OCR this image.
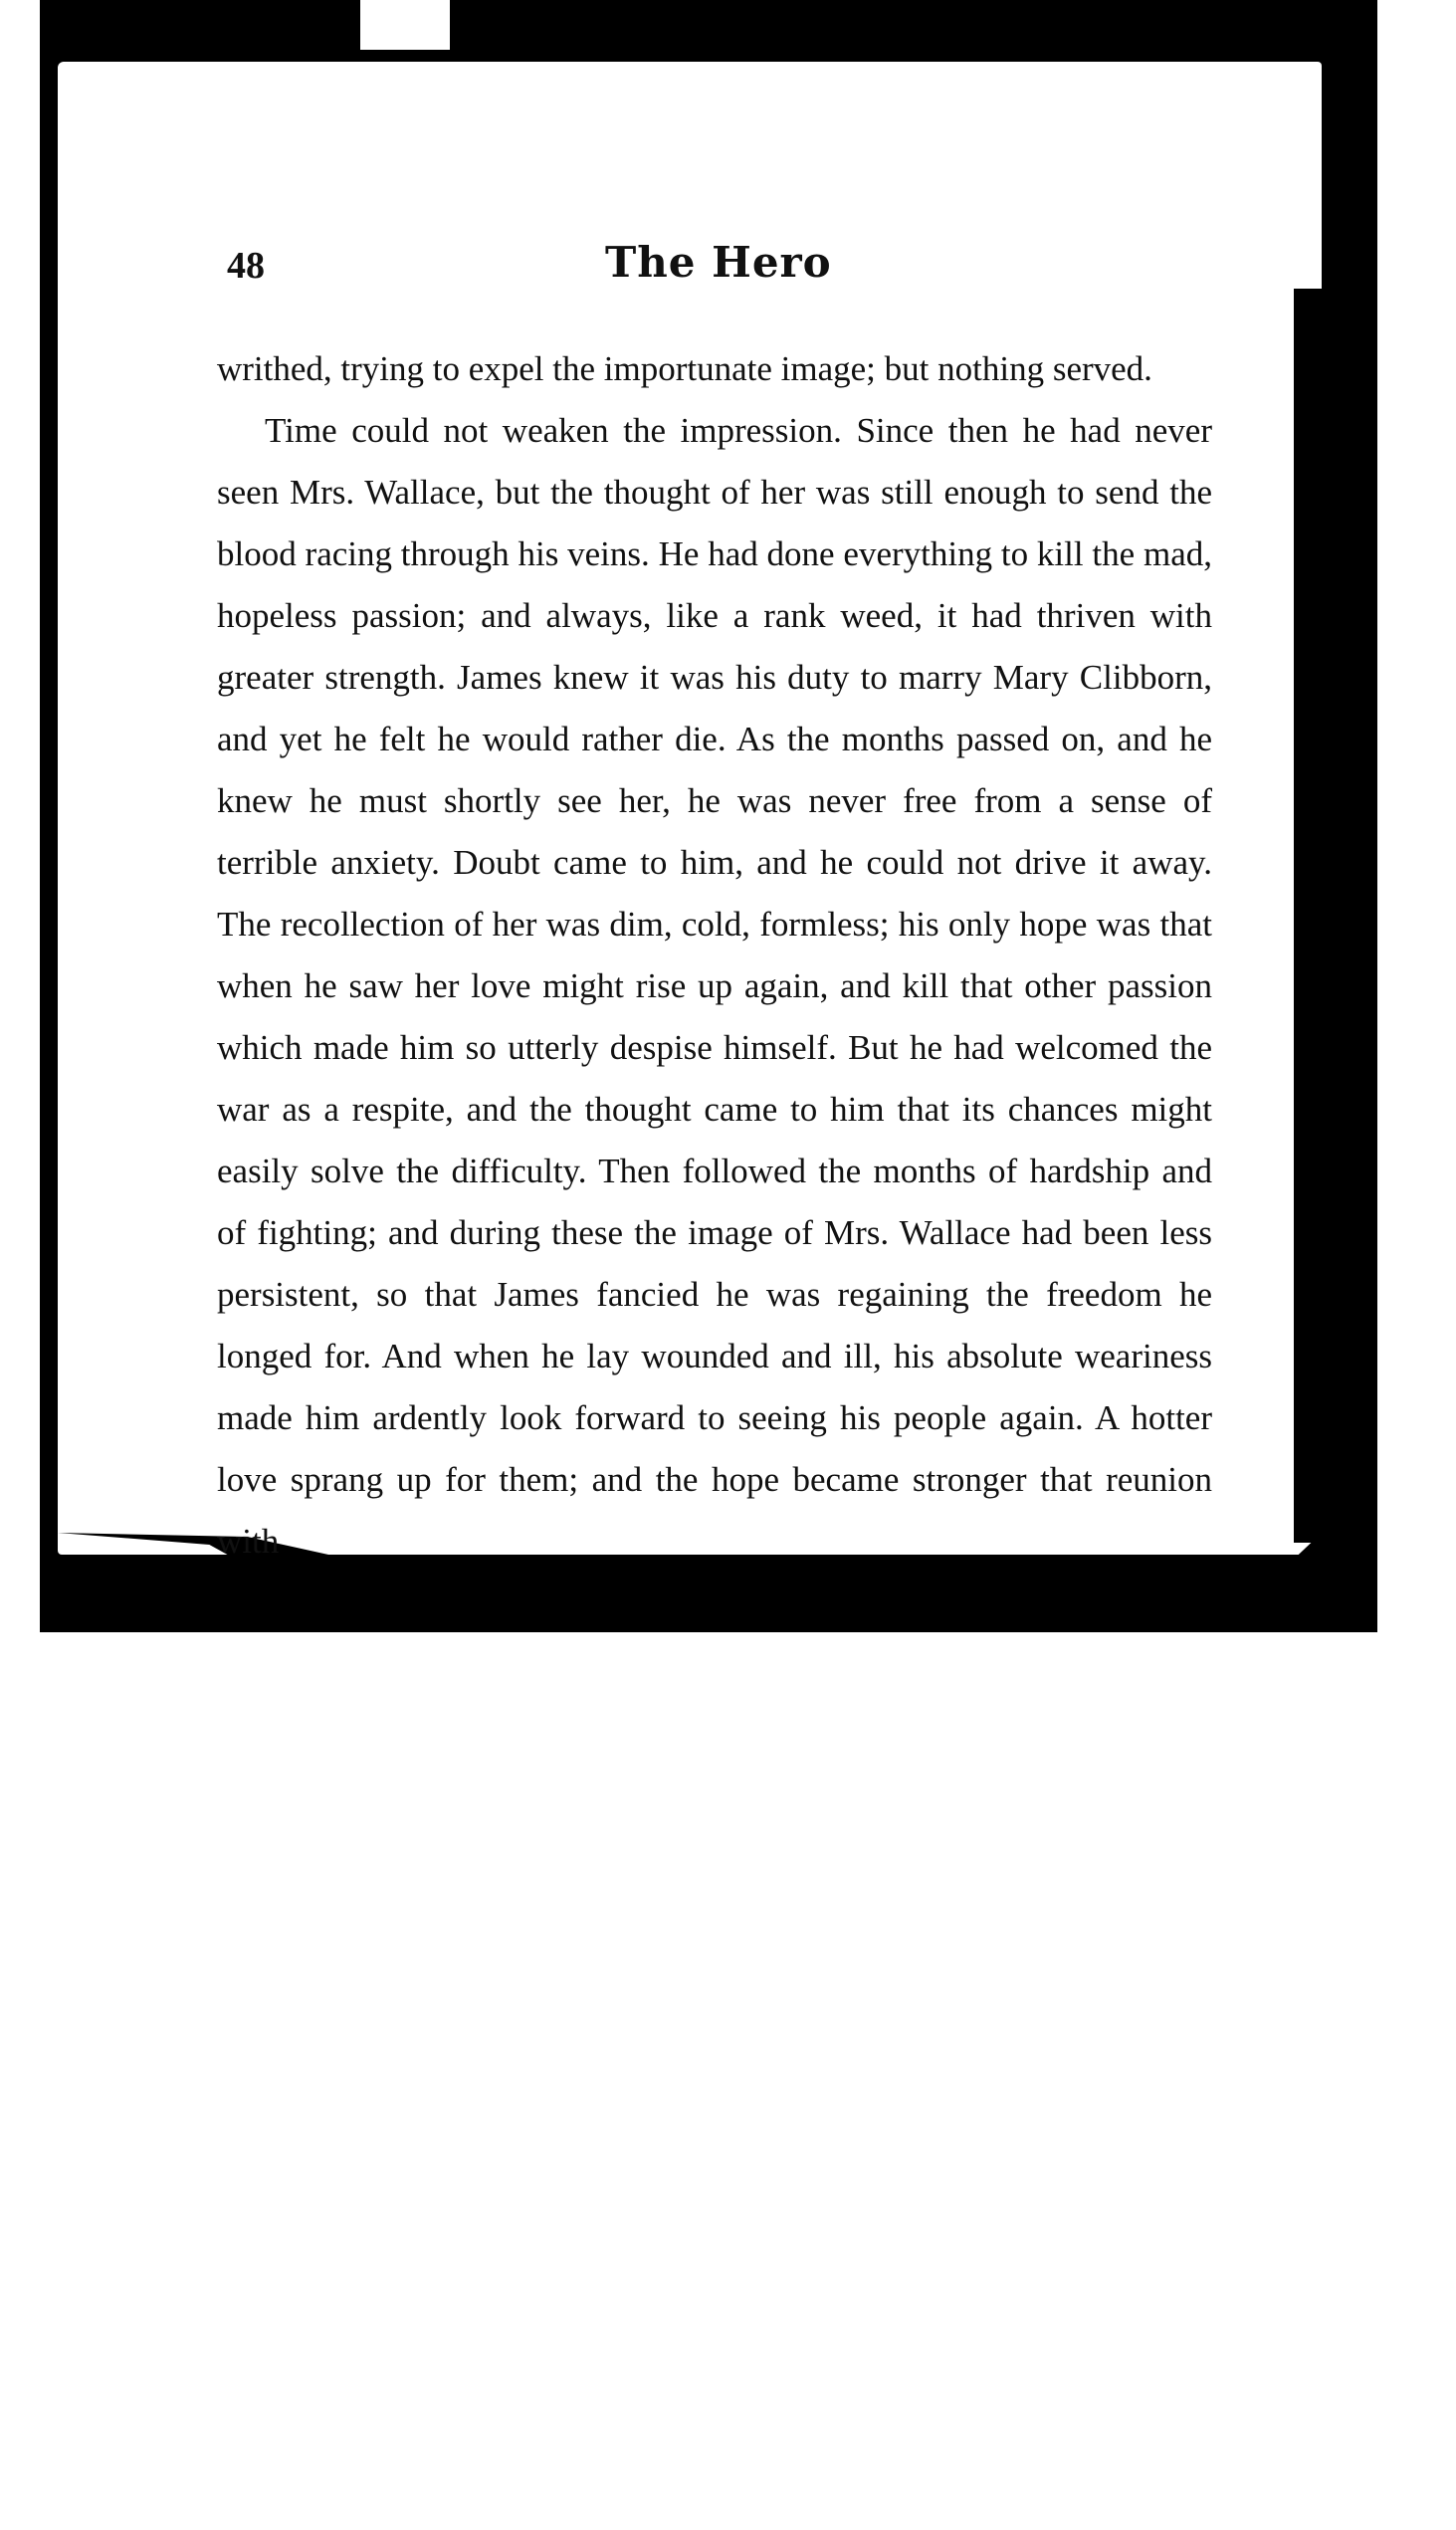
48	The Hero

writhed, trying to expel the importunate image; but nothing served.

Time could not weaken the impression. Since then he had never seen Mrs. Wallace, but the thought of her was still enough to send the blood racing through his veins. He had done everything to kill the mad, hopeless passion; and always, like a rank weed, it had thriven with greater strength. James knew it was his duty to marry Mary Clibborn, and yet he felt he would rather die. As the months passed on, and he knew he must shortly see her, he was never free from a sense of terrible anxiety. Doubt came to him, and he could not drive it away. The recollection of her was dim, cold, formless; his only hope was that when he saw her love might rise up again, and kill that other passion which made him so utterly despise himself. But he had welcomed the war as a respite, and the thought came to him that its chances might easily solve the difficulty. Then followed the months of hardship and of fighting; and during these the image of Mrs. Wallace had been less persistent, so that James fancied he was regaining the freedom he longed for. And when he lay wounded and ill, his absolute weariness made him ardently look forward to seeing his people again. A hotter love sprang up for them; and the hope became stronger that reunion with
